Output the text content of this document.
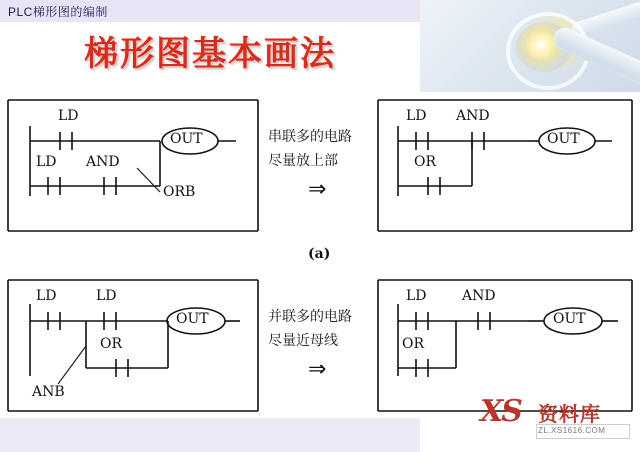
PLC梯形图的编制
梯形图基本画法
LD
LD AND
ORB
OUT	串联多的电路
尽量放上部
⇒
LD AND
OR
OUT
(a)
LD	LD
OR
ANB
OUT	并联多的电路
尽量近母线
⇒
LD	AND
OR
OUT
XS 资料库
ZL.XS1616.COM
